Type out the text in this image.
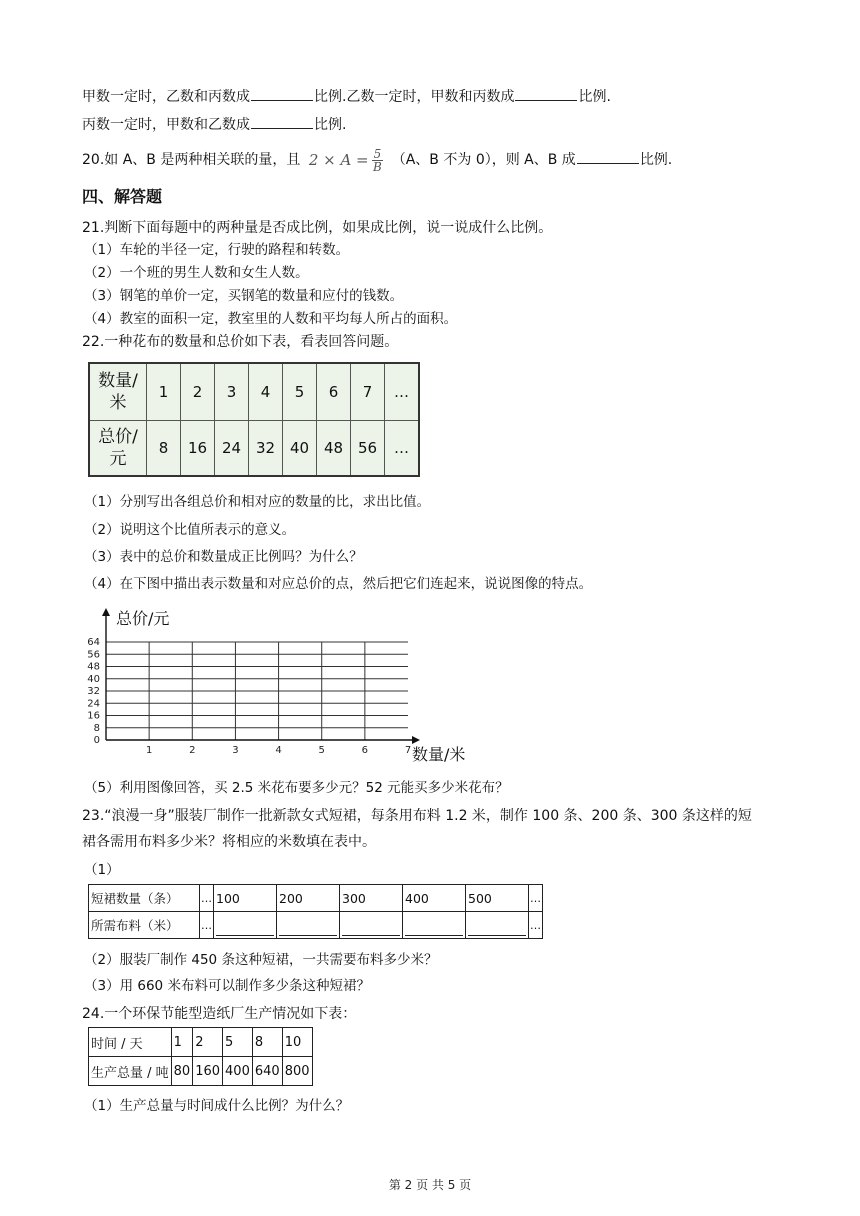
甲数一定时，乙数和丙数成	比例.乙数一定时，甲数和丙数成	比例.
丙数一定时，甲数和乙数成	比例.
20.如 A、B 是两种相关联的量，且 $2 \times A = \frac{5}{B} (A$、B 不为 0），则 A、B 成	比例.
四、解答题
21.判断下面每题中的两种量是否成比例，如果成比例，说一说成什么比例。
（1）车轮的半径一定，行驶的路程和转数。
（2）一个班的男生人数和女生人数。
（3）钢笔的单价一定，买钢笔的数量和应付的钱数。
（4）教室的面积一定，教室里的人数和平均每人所占的面积。
22.一种花布的数量和总价如下表，看表回答问题。
数量/
米	1	2	3	4	5	6	7	…
总价/
元	8	16	24	32	40	48	56	…
（1）分别写出各组总价和相对应的数量的比，求出比值。
（2）说明这个比值所表示的意义。
（3）表中的总价和数量成正比例吗？为什么？
（4）在下图中描出表示数量和对应总价的点，然后把它们连起来，说说图像的特点。
0
8
16
24
32
40
48
56
64
1	2	3	4	5	6	7
总价/元
数量/米
（5）利用图像回答，买 2.5 米花布要多少元？52 元能买多少米花布？
23.“浪漫一身”服装厂制作一批新款女式短裙，每条用布料 1.2 米，制作 100 条、200 条、300 条这样的短
裙各需用布料多少米？将相应的米数填在表中。
（1）
短裙数量（条）	…	100	200	300	400	500	…
所需布料（米）	…						…
（2）服装厂制作 450 条这种短裙，一共需要布料多少米？
（3）用 660 米布料可以制作多少条这种短裙？
24.一个环保节能型造纸厂生产情况如下表：
时间 / 天	1	2	5	8	10
生产总量 / 吨	80	160	400	640	800
（1）生产总量与时间成什么比例？为什么？
第 2 页 共 5 页
